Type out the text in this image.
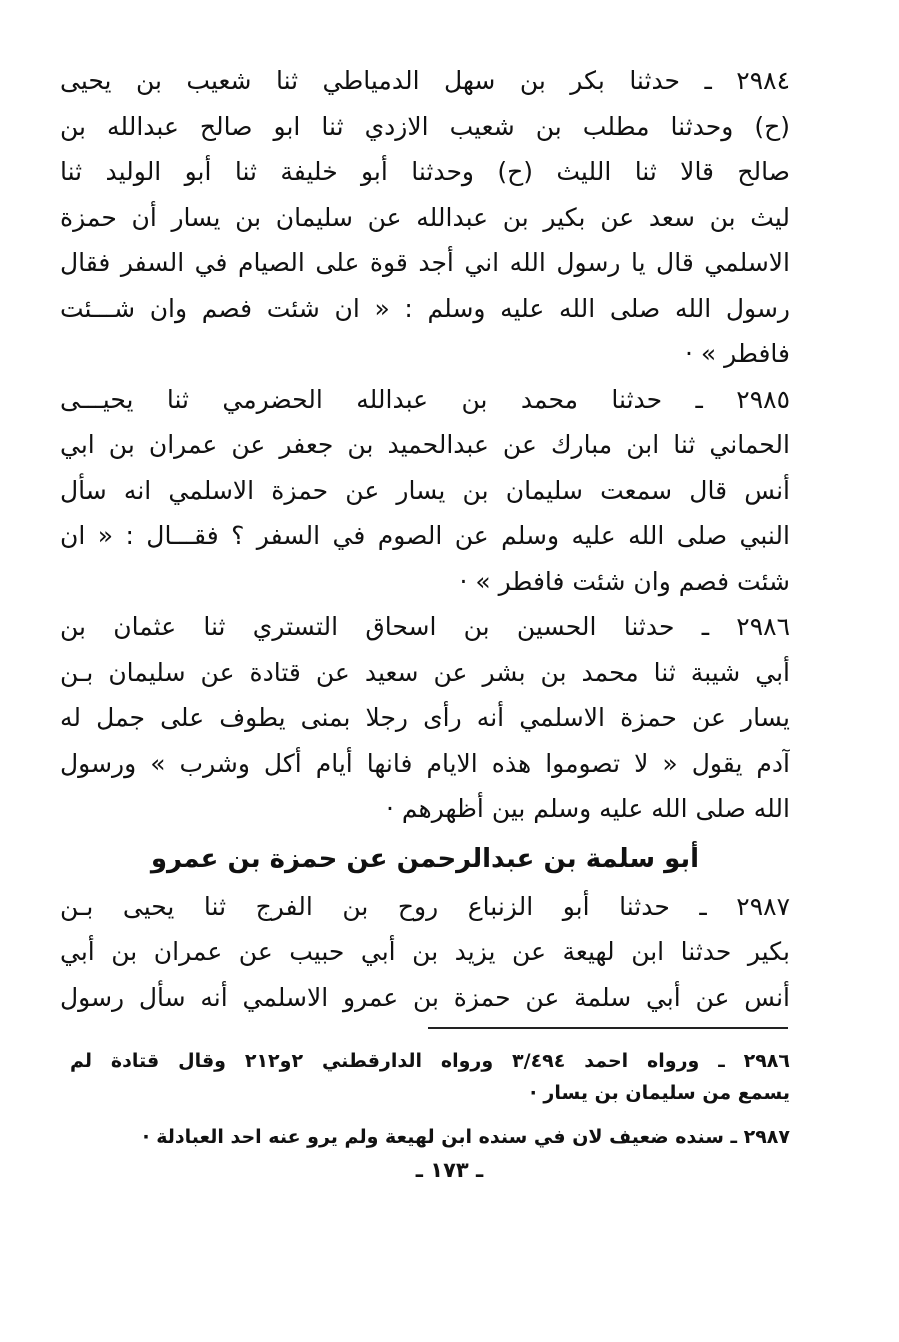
٢٩٨٤ ـ حدثنا بكر بن سهل الدمياطي ثنا شعيب بن يحيى
(ح) وحدثنا مطلب بن شعيب الازدي ثنا ابو صالح عبدالله بن
صالح قالا ثنا الليث (ح) وحدثنا أبو خليفة ثنا أبو الوليد ثنا
ليث بن سعد عن بكير بن عبدالله عن سليمان بن يسار أن حمزة
الاسلمي قال يا رسول الله اني أجد قوة على الصيام في السفر فقال
رسول الله صلى الله عليه وسلم : « ان شئت فصم وان شـــئت
فافطر » ·
٢٩٨٥ ـ حدثنا محمد بن عبدالله الحضرمي ثنا يحيـــى
الحماني ثنا ابن مبارك عن عبدالحميد بن جعفر عن عمران بن ابي
أنس قال سمعت سليمان بن يسار عن حمزة الاسلمي انه سأل
النبي صلى الله عليه وسلم عن الصوم في السفر ؟ فقـــال : « ان
شئت فصم وان شئت فافطر » ·
٢٩٨٦ ـ حدثنا الحسين بن اسحاق التستري ثنا عثمان بن
أبي شيبة ثنا محمد بن بشر عن سعيد عن قتادة عن سليمان بـن
يسار عن حمزة الاسلمي أنه رأى رجلا بمنى يطوف على جمل له
آدم يقول « لا تصوموا هذه الايام فانها أيام أكل وشرب » ورسول
الله صلى الله عليه وسلم بين أظهرهم ·
أبو سلمة بن عبدالرحمن عن حمزة بن عمرو
٢٩٨٧ ـ حدثنا أبو الزنباع روح بن الفرج ثنا يحيى بـن
بكير حدثنا ابن لهيعة عن يزيد بن أبي حبيب عن عمران بن أبي
أنس عن أبي سلمة عن حمزة بن عمرو الاسلمي أنه سأل رسول
٢٩٨٦ ـ ورواه احمد ٣/٤٩٤ ورواه الدارقطني ٢و٢١٢ وقال قتادة لم
يسمع من سليمان بن يسار ·
٢٩٨٧ ـ سنده ضعيف لان في سنده ابن لهيعة ولم يرو عنه احد العبادلة ·
ـ ١٧٣ ـ
